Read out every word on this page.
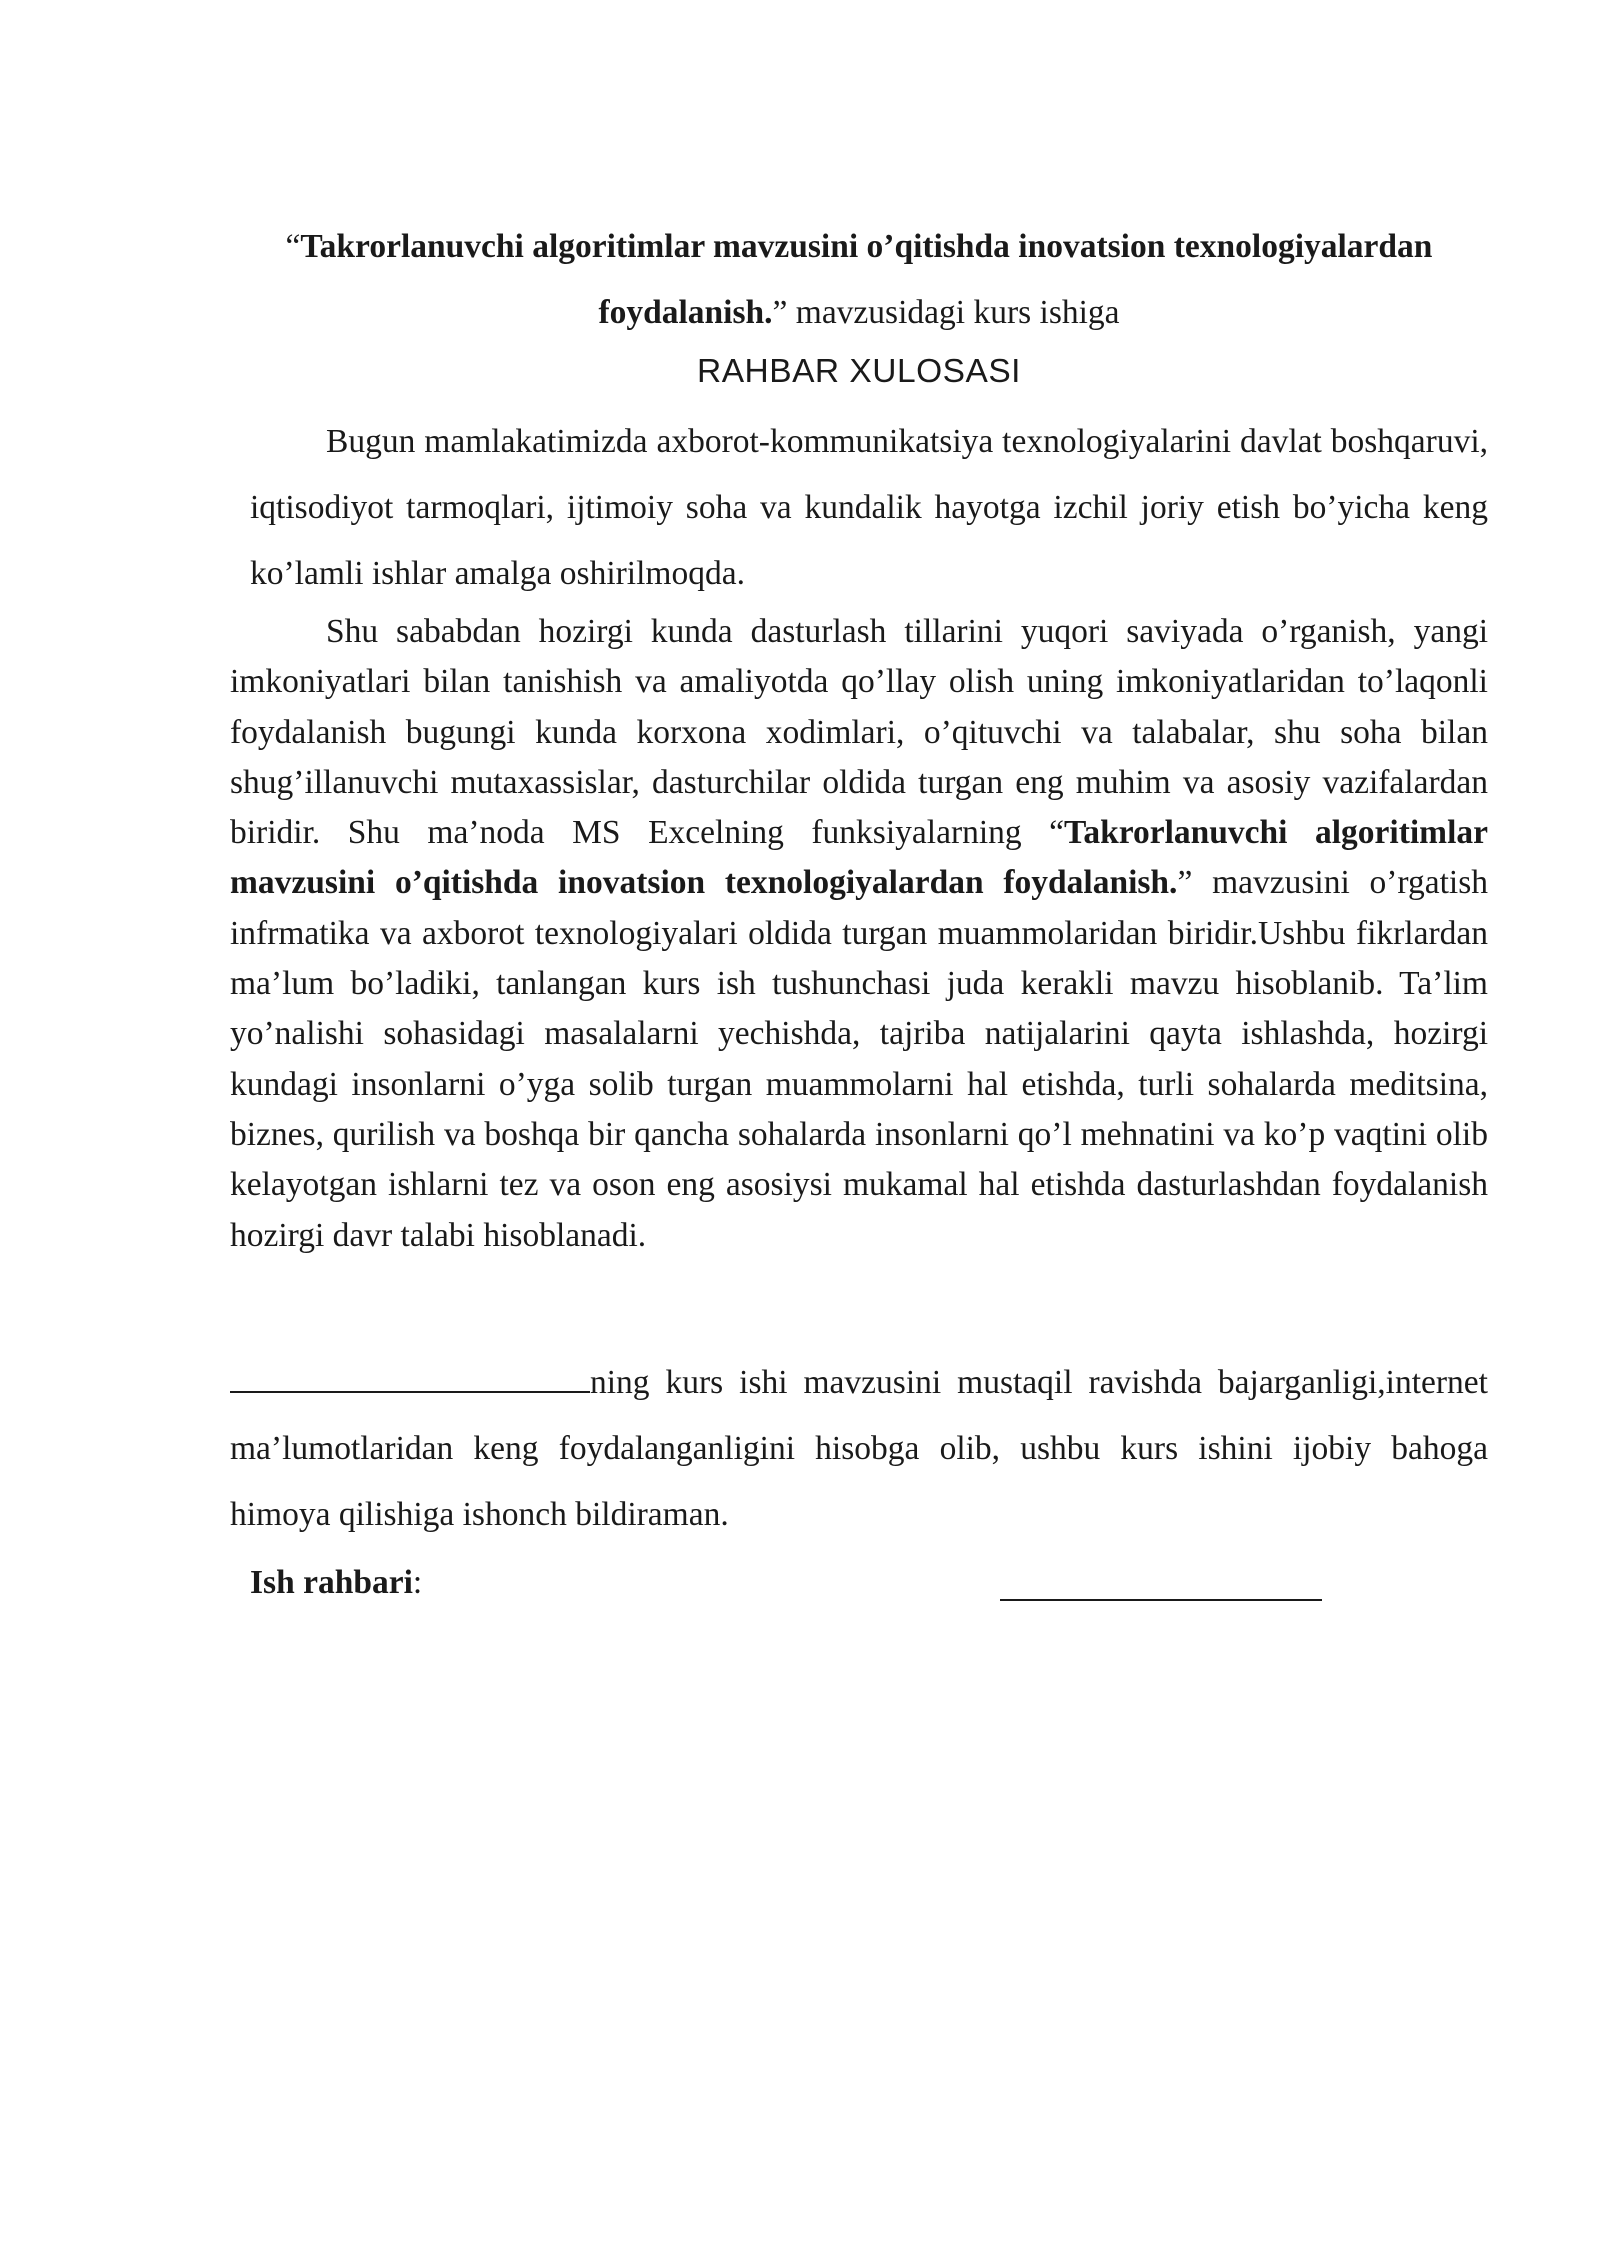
“Takrorlanuvchi algoritimlar mavzusini o’qitishda inovatsion texnologiyalardan foydalanish.” mavzusidagi kurs ishiga
RAHBAR XULOSASI

Bugun mamlakatimizda axborot-kommunikatsiya texnologiyalarini davlat boshqaruvi, iqtisodiyot tarmoqlari, ijtimoiy soha va kundalik hayotga izchil joriy etish bo’yicha keng ko’lamli ishlar amalga oshirilmoqda.

Shu sababdan hozirgi kunda dasturlash tillarini yuqori saviyada o’rganish, yangi imkoniyatlari bilan tanishish va amaliyotda qo’llay olish uning imkoniyatlaridan to’laqonli foydalanish bugungi kunda korxona xodimlari, o’qituvchi va talabalar, shu soha bilan shug’illanuvchi mutaxassislar, dasturchilar oldida turgan eng muhim va asosiy vazifalardan biridir. Shu ma’noda MS Excelning funksiyalarning “Takrorlanuvchi algoritimlar mavzusini o’qitishda inovatsion texnologiyalardan foydalanish.” mavzusini o’rgatish infrmatika va axborot texnologiyalari oldida turgan muammolaridan biridir.Ushbu fikrlardan ma’lum bo’ladiki, tanlangan kurs ish tushunchasi juda kerakli mavzu hisoblanib. Ta’lim yo’nalishi sohasidagi masalalarni yechishda, tajriba natijalarini qayta ishlashda, hozirgi kundagi insonlarni o’yga solib turgan muammolarni hal etishda, turli sohalarda meditsina, biznes, qurilish va boshqa bir qancha sohalarda insonlarni qo’l mehnatini va ko’p vaqtini olib kelayotgan ishlarni tez va oson eng asosiysi mukamal hal etishda dasturlashdan foydalanish hozirgi davr talabi hisoblanadi.

ning kurs ishi mavzusini mustaqil ravishda bajarganligi,internet ma’lumotlaridan keng foydalanganligini hisobga olib, ushbu kurs ishini ijobiy bahoga himoya qilishiga ishonch bildiraman.

Ish rahbari:
